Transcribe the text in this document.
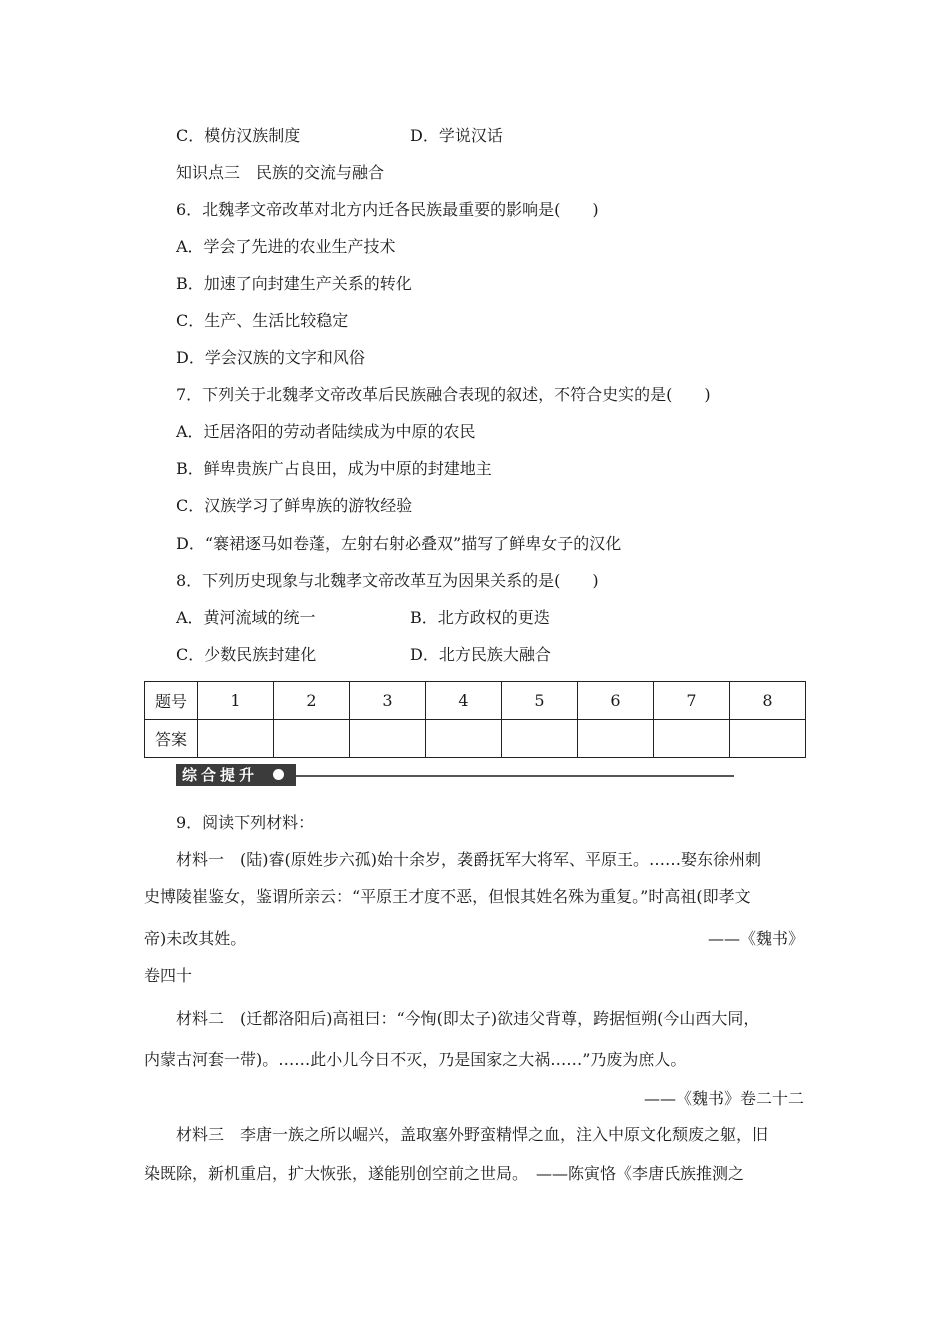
C．模仿汉族制度	D．学说汉话
知识点三　民族的交流与融合
6．北魏孝文帝改革对北方内迁各民族最重要的影响是(　　)
A．学会了先进的农业生产技术
B．加速了向封建生产关系的转化
C．生产、生活比较稳定
D．学会汉族的文字和风俗
7．下列关于北魏孝文帝改革后民族融合表现的叙述，不符合史实的是(　　)
A．迁居洛阳的劳动者陆续成为中原的农民
B．鲜卑贵族广占良田，成为中原的封建地主
C．汉族学习了鲜卑族的游牧经验
D．“褰裙逐马如卷蓬，左射右射必叠双”描写了鲜卑女子的汉化
8．下列历史现象与北魏孝文帝改革互为因果关系的是(　　)
A．黄河流域的统一	B．北方政权的更迭
C．少数民族封建化	D．北方民族大融合
题号	1	2	3	4	5	6	7	8
答案								
综合提升
9．阅读下列材料：
材料一　(陆)睿(原姓步六孤)始十余岁，袭爵抚军大将军、平原王。……娶东徐州刺
史博陵崔鉴女，鉴谓所亲云：“平原王才度不恶，但恨其姓名殊为重复。”时高祖(即孝文
帝)未改其姓。	——《魏书》
卷四十
材料二　(迁都洛阳后)高祖曰：“今恂(即太子)欲违父背尊，跨据恒朔(今山西大同，
内蒙古河套一带)。……此小儿今日不灭，乃是国家之大祸……”乃废为庶人。
——《魏书》卷二十二
材料三　李唐一族之所以崛兴，盖取塞外野蛮精悍之血，注入中原文化颓废之躯，旧
染既除，新机重启，扩大恢张，遂能别创空前之世局。　——陈寅恪《李唐氏族推测之
